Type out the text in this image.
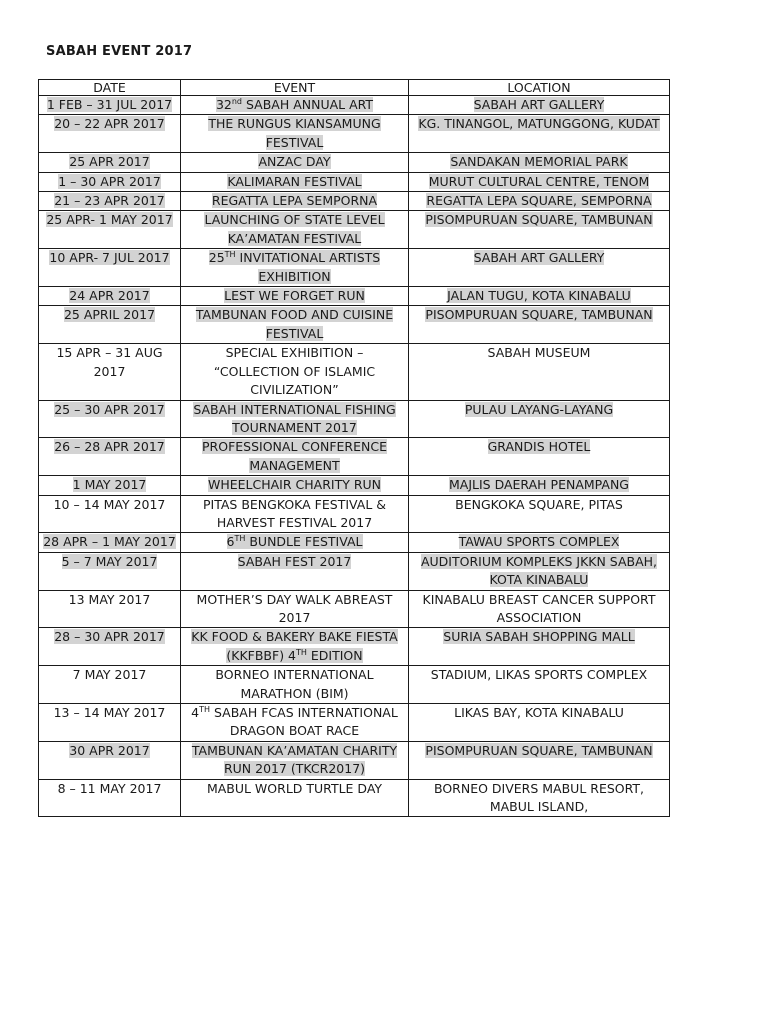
SABAH EVENT 2017
DATE	EVENT	LOCATION
1 FEB – 31 JUL 2017	32nd SABAH ANNUAL ART	SABAH ART GALLERY
20 – 22 APR 2017	THE RUNGUS KIANSAMUNG FESTIVAL	KG. TINANGOL, MATUNGGONG, KUDAT
25 APR 2017	ANZAC DAY	SANDAKAN MEMORIAL PARK
1 – 30 APR 2017	KALIMARAN FESTIVAL	MURUT CULTURAL CENTRE, TENOM
21 – 23 APR 2017	REGATTA LEPA SEMPORNA	REGATTA LEPA SQUARE, SEMPORNA
25 APR- 1 MAY 2017	LAUNCHING OF STATE LEVEL KA’AMATAN FESTIVAL	PISOMPURUAN SQUARE, TAMBUNAN
10 APR- 7 JUL 2017	25TH INVITATIONAL ARTISTS EXHIBITION	SABAH ART GALLERY
24 APR 2017	LEST WE FORGET RUN	JALAN TUGU, KOTA KINABALU
25 APRIL 2017	TAMBUNAN FOOD AND CUISINE FESTIVAL	PISOMPURUAN SQUARE, TAMBUNAN
15 APR – 31 AUG 2017	SPECIAL EXHIBITION – “COLLECTION OF ISLAMIC CIVILIZATION”	SABAH MUSEUM
25 – 30 APR 2017	SABAH INTERNATIONAL FISHING TOURNAMENT 2017	PULAU LAYANG-LAYANG
26 – 28 APR 2017	PROFESSIONAL CONFERENCE MANAGEMENT	GRANDIS HOTEL
1 MAY 2017	WHEELCHAIR CHARITY RUN	MAJLIS DAERAH PENAMPANG
10 – 14 MAY 2017	PITAS BENGKOKA FESTIVAL & HARVEST FESTIVAL 2017	BENGKOKA SQUARE, PITAS
28 APR – 1 MAY 2017	6TH BUNDLE FESTIVAL	TAWAU SPORTS COMPLEX
5 – 7 MAY 2017	SABAH FEST 2017	AUDITORIUM KOMPLEKS JKKN SABAH, KOTA KINABALU
13 MAY 2017	MOTHER’S DAY WALK ABREAST 2017	KINABALU BREAST CANCER SUPPORT ASSOCIATION
28 – 30 APR 2017	KK FOOD & BAKERY BAKE FIESTA (KKFBBF) 4TH EDITION	SURIA SABAH SHOPPING MALL
7 MAY 2017	BORNEO INTERNATIONAL MARATHON (BIM)	STADIUM, LIKAS SPORTS COMPLEX
13 – 14 MAY 2017	4TH SABAH FCAS INTERNATIONAL DRAGON BOAT RACE	LIKAS BAY, KOTA KINABALU
30 APR 2017	TAMBUNAN KA’AMATAN CHARITY RUN 2017 (TKCR2017)	PISOMPURUAN SQUARE, TAMBUNAN
8 – 11 MAY 2017	MABUL WORLD TURTLE DAY	BORNEO DIVERS MABUL RESORT, MABUL ISLAND,
